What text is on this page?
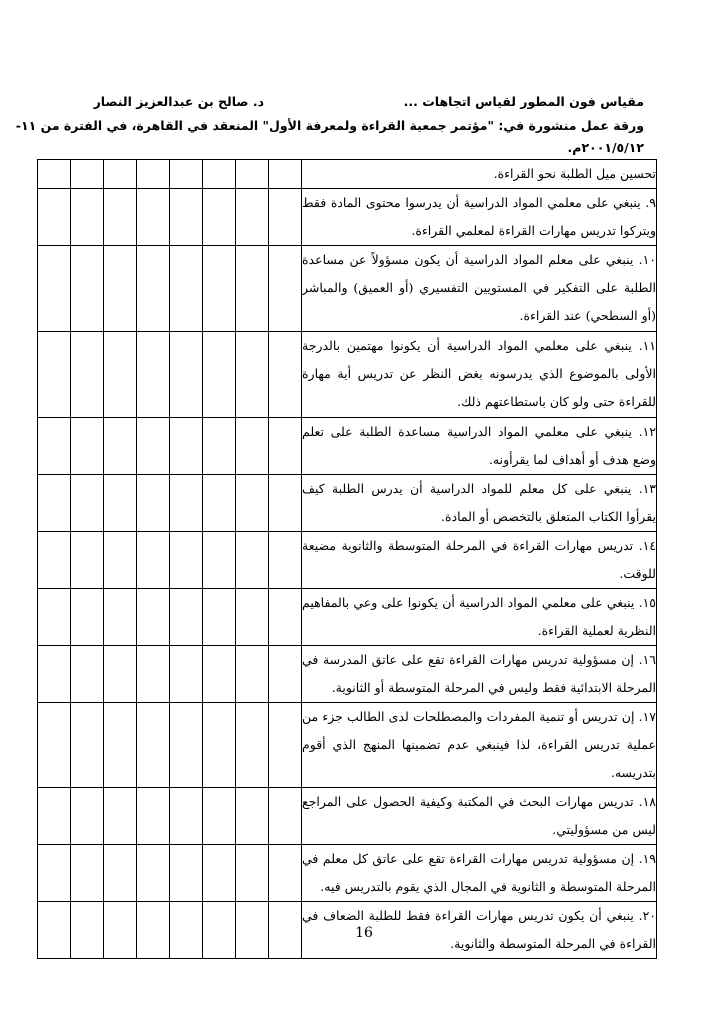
مقياس فون المطور لقياس اتجاهات ...
د. صالح بن عبدالعزيز النصار
ورقة عمل منشورة في: "مؤتمر جمعية القراءة ولمعرفة الأول" المنعقد في القاهرة، في الفترة من ١١-
٢٠٠١/٥/١٢م.

								تحسين ميل الطلبة نحو القراءة.

								٩. ينبغي على معلمي المواد الدراسية أن يدرسوا محتوى المادة فقط ويتركوا تدريس مهارات القراءة لمعلمي القراءة.

								١٠. ينبغي على معلم المواد الدراسية أن يكون مسؤولاً عن مساعدة الطلبة على التفكير في المستويين التفسيري (أو العميق) والمباشر (أو السطحي) عند القراءة.

								١١. ينبغي على معلمي المواد الدراسية أن يكونوا مهتمين بالدرجة الأولى بالموضوع الذي يدرسونه بغض النظر عن تدريس أية مهارة للقراءة حتى ولو كان باستطاعتهم ذلك.

								١٢. ينبغي على معلمي المواد الدراسية مساعدة الطلبة على تعلم وضع هدف أو أهداف لما يقرأونه.

								١٣. ينبغي على كل معلم للمواد الدراسية أن يدرس الطلبة كيف يقرأوا الكتاب المتعلق بالتخصص أو المادة.

								١٤. تدريس مهارات القراءة في المرحلة المتوسطة والثانوية مضيعة للوقت.

								١٥. ينبغي على معلمي المواد الدراسية أن يكونوا على وعي بالمفاهيم النظرية لعملية القراءة.

								١٦. إن مسؤولية تدريس مهارات القراءة تقع على عاتق المدرسة في المرحلة الابتدائية فقط وليس في المرحلة المتوسطة أو الثانوية.

								١٧. إن تدريس أو تنمية المفردات والمصطلحات لدى الطالب جزء من عملية تدريس القراءة، لذا فينبغي عدم تضمينها المنهج الذي أقوم بتدريسه.

								١٨. تدريس مهارات البحث في المكتبة وكيفية الحصول على المراجع ليس من مسؤوليتي.

								١٩. إن مسؤولية تدريس مهارات القراءة تقع على عاتق كل معلم في المرحلة المتوسطة و الثانوية في المجال الذي يقوم بالتدريس فيه.

								٢٠. ينبغي أن يكون تدريس مهارات القراءة فقط للطلبة الضعاف في القراءة في المرحلة المتوسطة والثانوية.
16
